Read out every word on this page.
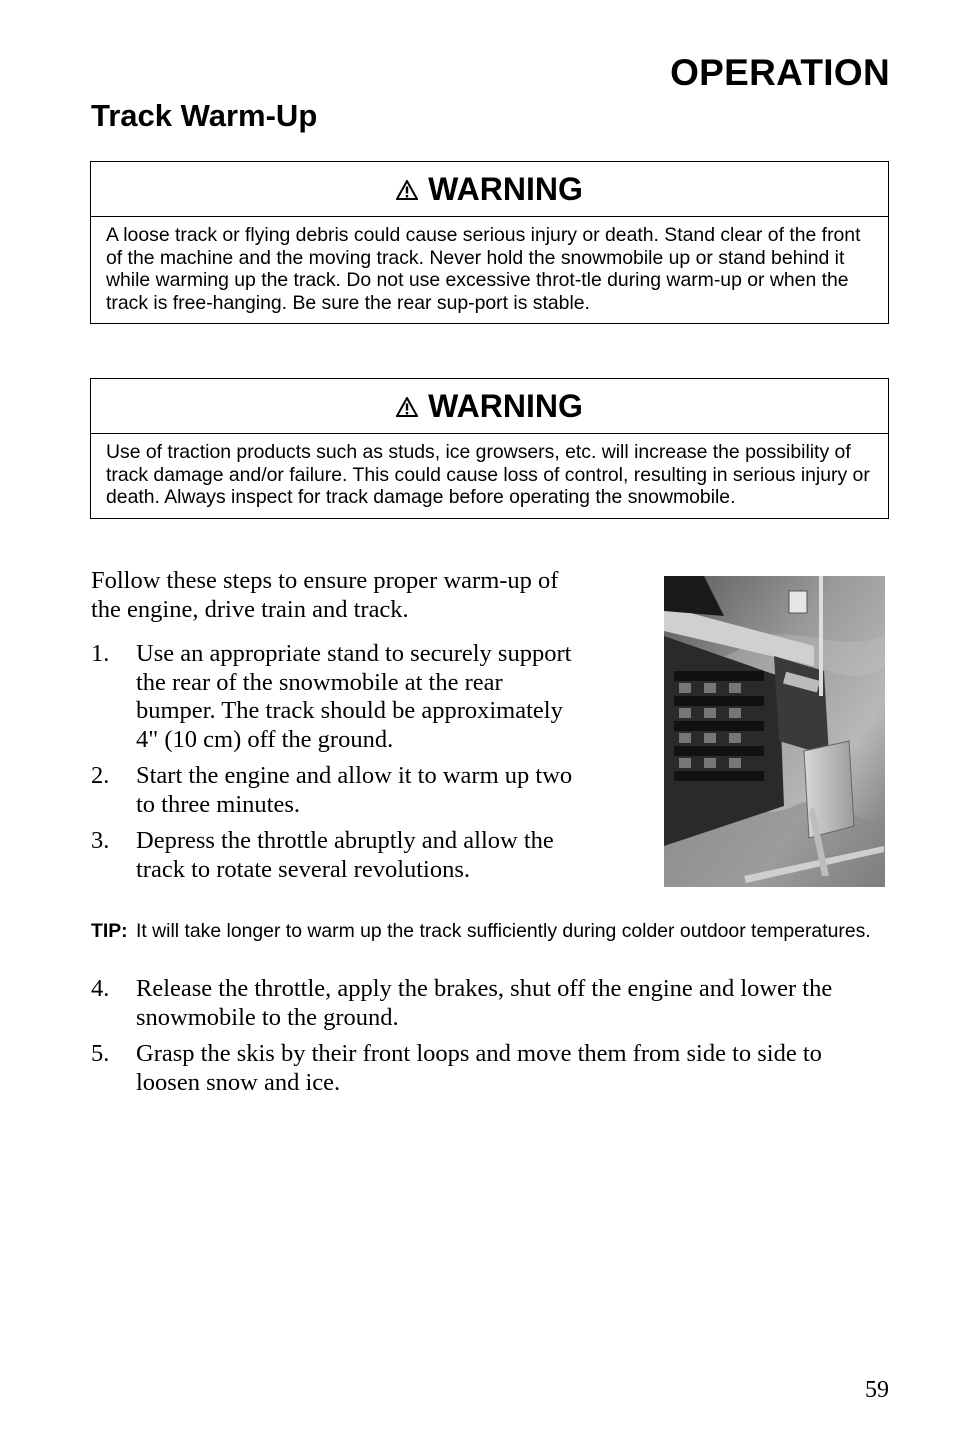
OPERATION
Track Warm-Up
WARNING
A loose track or flying debris could cause serious injury or death. Stand clear of the front of the machine and the moving track. Never hold the snowmobile up or stand behind it while warming up the track. Do not use excessive throt-tle during warm-up or when the track is free-hanging. Be sure the rear sup-port is stable.
WARNING
Use of traction products such as studs, ice growsers, etc. will increase the possibility of track damage and/or failure. This could cause loss of control, resulting in serious injury or death. Always inspect for track damage before operating the snowmobile.
Follow these steps to ensure proper warm-up of the engine, drive train and track.
1.	Use an appropriate stand to securely support the rear of the snowmobile at the rear bumper. The track should be approximately 4" (10 cm) off the ground.
2.	Start the engine and allow it to warm up two to three minutes.
3.	Depress the throttle abruptly and allow the track to rotate several revolutions.
TIP: It will take longer to warm up the track sufficiently during colder outdoor temperatures.
4.	Release the throttle, apply the brakes, shut off the engine and lower the snowmobile to the ground.
5.	Grasp the skis by their front loops and move them from side to side to loosen snow and ice.
59
